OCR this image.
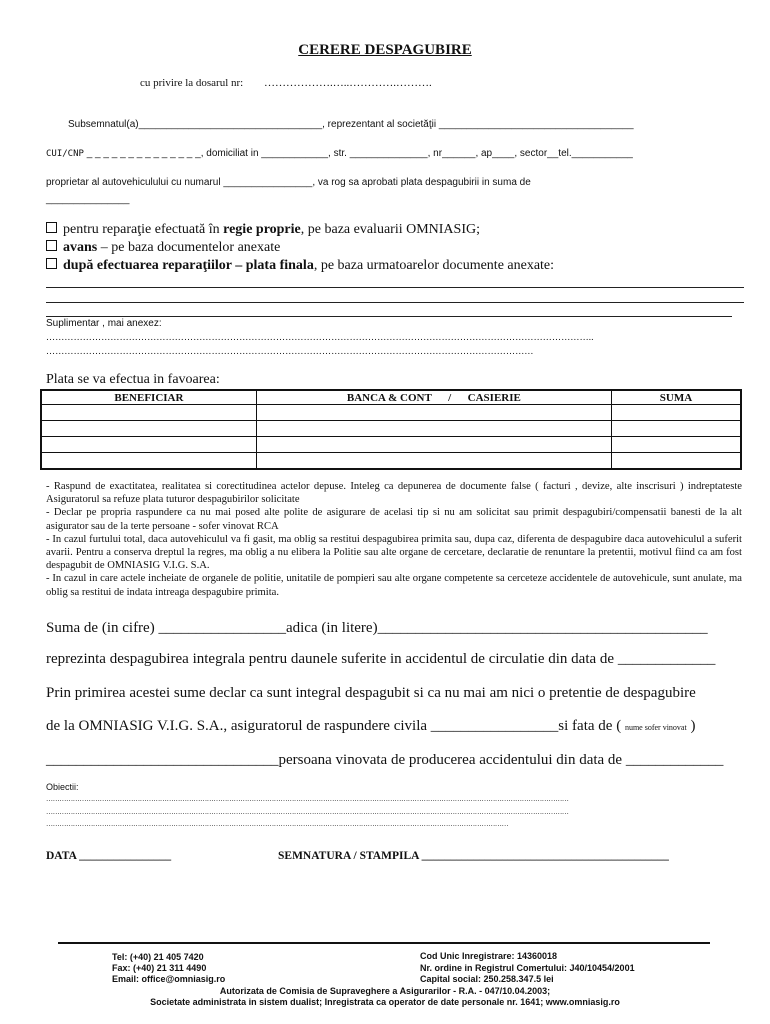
CERERE DESPAGUBIRE
cu privire la dosarul nr: ……………….…..………….……….
Subsemnatul(a)_________________________________, reprezentant al societăţii ___________________________________
CUI/CNP _ _ _ _ _ _ _ _ _ _ _ _ _ _, domiciliat in ____________, str. ______________, nr______, ap____, sector__tel.___________
proprietar al autovehiculului cu numarul ________________, va rog sa aprobati plata despagubirii in suma de
_______________
pentru reparaţie efectuată în regie proprie, pe baza evaluarii OMNIASIG;
avans – pe baza documentelor anexate
după efectuarea reparaţiilor – plata finala, pe baza urmatoarelor documente anexate:
Suplimentar , mai anexez:
……………………………………………………………………………………………………………………………………………………………..
……………………………………………………………………………………………………………………………………………
Plata se va efectua in favoarea:
BENEFICIAR	BANCA & CONT      /      CASIERIE	SUMA

- Raspund de exactitatea, realitatea si corectitudinea actelor depuse. Inteleg ca depunerea de documente false ( facturi , devize, alte inscrisuri ) indreptateste Asiguratorul sa refuze plata tuturor despagubirilor solicitate
- Declar pe propria raspundere ca nu mai posed alte polite de asigurare de acelasi tip si nu am solicitat sau primit despagubiri/compensatii banesti de la alt asigurator sau de la terte persoane - sofer vinovat RCA
- In cazul furtului total, daca autovehiculul va fi gasit, ma oblig sa restitui despagubirea primita sau, dupa caz, diferenta de despagubire daca autovehiculul a suferit avarii. Pentru a conserva dreptul la regres, ma oblig a nu elibera la Politie sau alte organe de cercetare, declaratie de renuntare la pretentii, motivul fiind ca am fost despagubit de OMNIASIG V.I.G. S.A.
- In cazul in care actele incheiate de organele de politie, unitatile de pompieri sau alte organe competente sa cerceteze accidentele de autovehicule, sunt anulate, ma oblig sa restitui de indata intreaga despagubire primita.
Suma de (in cifre) _________________adica (in litere)____________________________________________
reprezinta despagubirea integrala pentru daunele suferite in accidentul de circulatie din data de _____________
Prin primirea acestei sume declar ca sunt integral despagubit si ca nu mai am nici o pretentie de despagubire
de la OMNIASIG V.I.G. S.A., asiguratorul de raspundere civila _________________si fata de ( nume sofer vinovat )
_______________________________persoana vinovata de producerea accidentului din data de _____________
Obiectii:
………………………………………………………………………………………………………………………………………………………………………………………………………………
………………………………………………………………………………………………………………………………………………………………………………………………………………
………………………………………………………………………………………………………………………………………………………………………………………
DATA ________________	SEMNATURA / STAMPILA ___________________________________________
Tel: (+40) 21 405 7420
Fax: (+40) 21 311 4490
Email: office@omniasig.ro
Cod Unic Inregistrare: 14360018
Nr. ordine in Registrul Comertului: J40/10454/2001
Capital social: 250.258.347.5 lei
Autorizata de Comisia de Supraveghere a Asigurarilor - R.A. - 047/10.04.2003;
Societate administrata in sistem dualist; Inregistrata ca operator de date personale nr. 1641; www.omniasig.ro
